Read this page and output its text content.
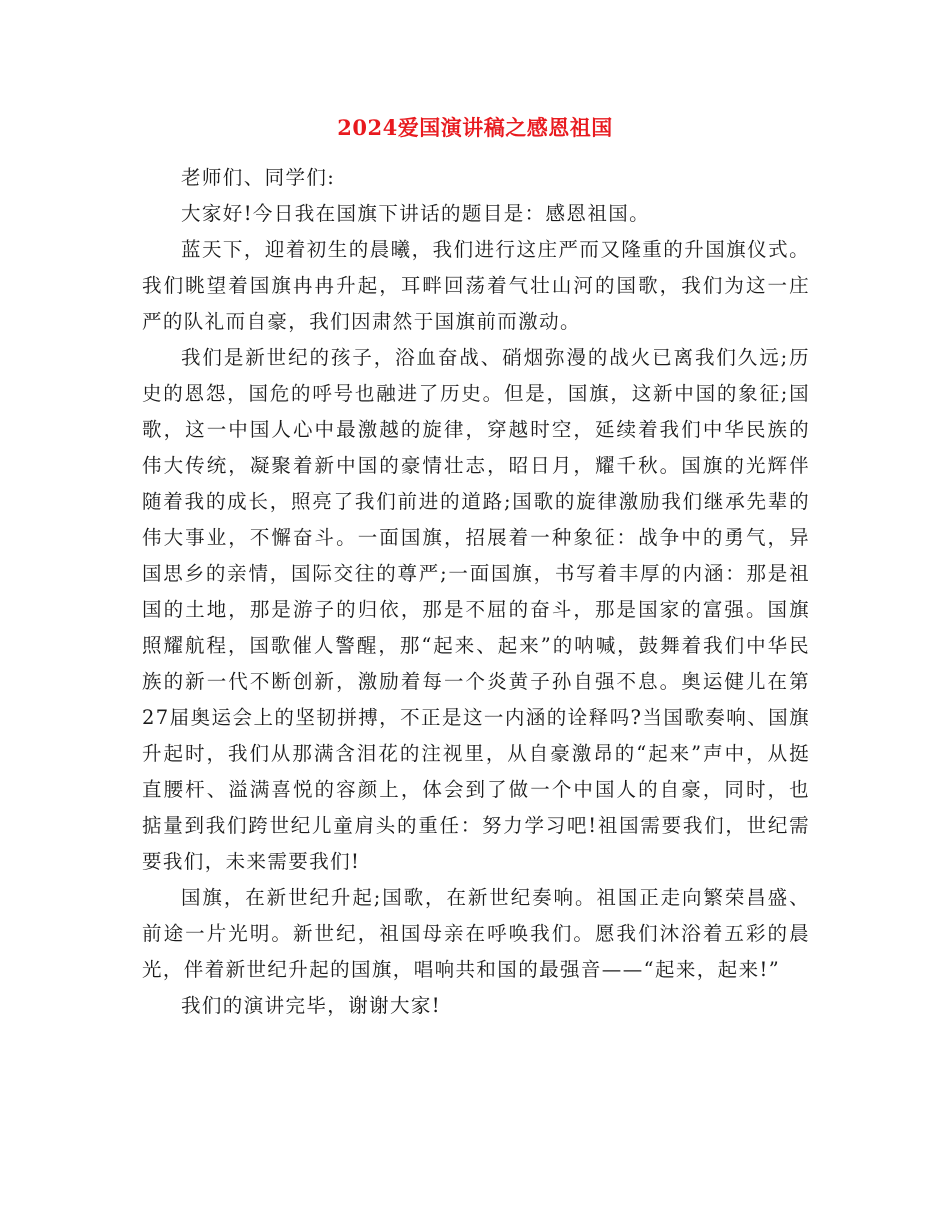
2024爱国演讲稿之感恩祖国

老师们、同学们:

大家好!今日我在国旗下讲话的题目是：感恩祖国。

蓝天下，迎着初生的晨曦，我们进行这庄严而又隆重的升国旗仪式。我们眺望着国旗冉冉升起，耳畔回荡着气壮山河的国歌，我们为这一庄严的队礼而自豪，我们因肃然于国旗前而激动。

我们是新世纪的孩子，浴血奋战、硝烟弥漫的战火已离我们久远;历史的恩怨，国危的呼号也融进了历史。但是，国旗，这新中国的象征;国歌，这一中国人心中最激越的旋律，穿越时空，延续着我们中华民族的伟大传统，凝聚着新中国的豪情壮志，昭日月，耀千秋。国旗的光辉伴随着我的成长，照亮了我们前进的道路;国歌的旋律激励我们继承先辈的伟大事业，不懈奋斗。一面国旗，招展着一种象征：战争中的勇气，异国思乡的亲情，国际交往的尊严;一面国旗，书写着丰厚的内涵：那是祖国的土地，那是游子的归依，那是不屈的奋斗，那是国家的富强。国旗照耀航程，国歌催人警醒，那“起来、起来”的呐喊，鼓舞着我们中华民族的新一代不断创新，激励着每一个炎黄子孙自强不息。奥运健儿在第27届奥运会上的坚韧拼搏，不正是这一内涵的诠释吗?当国歌奏响、国旗升起时，我们从那满含泪花的注视里，从自豪激昂的“起来”声中，从挺直腰杆、溢满喜悦的容颜上，体会到了做一个中国人的自豪，同时，也掂量到我们跨世纪儿童肩头的重任：努力学习吧!祖国需要我们，世纪需要我们，未来需要我们!

国旗，在新世纪升起;国歌，在新世纪奏响。祖国正走向繁荣昌盛、前途一片光明。新世纪，祖国母亲在呼唤我们。愿我们沐浴着五彩的晨光，伴着新世纪升起的国旗，唱响共和国的最强音——“起来，起来!”

我们的演讲完毕，谢谢大家!
